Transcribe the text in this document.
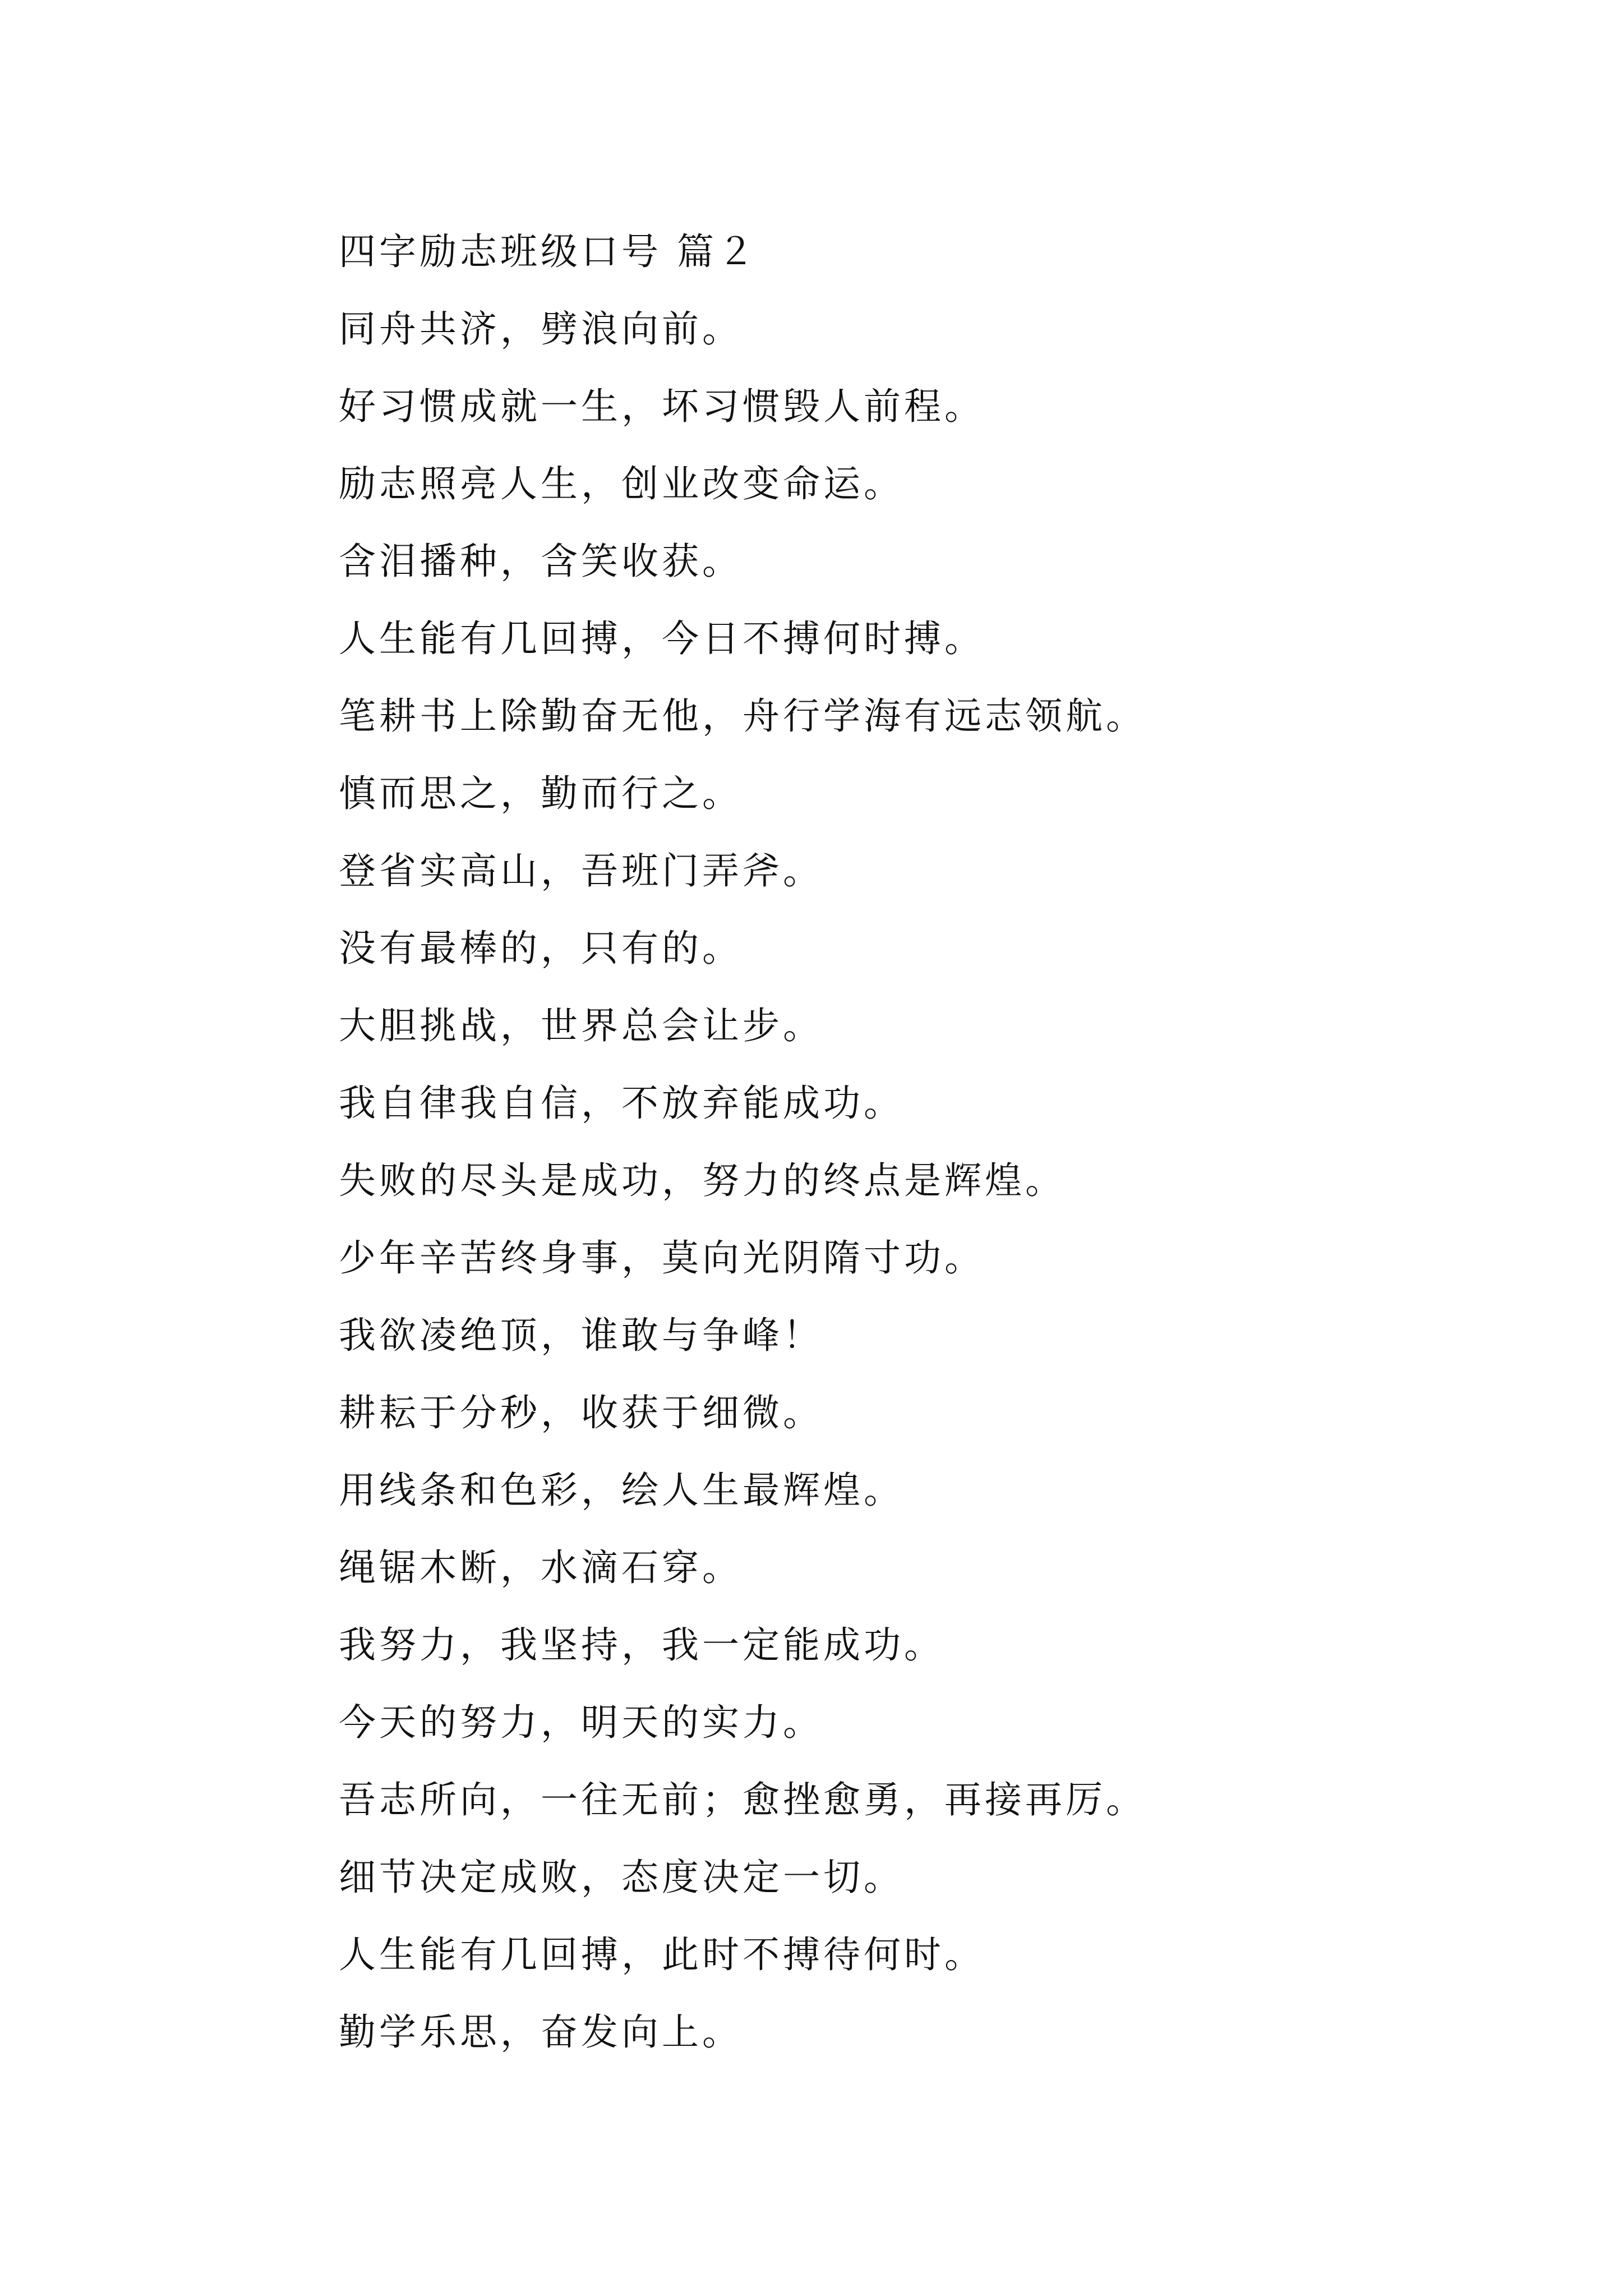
四字励志班级口号 篇２
同舟共济，劈浪向前。
好习惯成就一生，坏习惯毁人前程。
励志照亮人生，创业改变命运。
含泪播种，含笑收获。
人生能有几回搏，今日不搏何时搏。
笔耕书上除勤奋无他，舟行学海有远志领航。
慎而思之，勤而行之。
登省实高山，吾班门弄斧。
没有最棒的，只有的。
大胆挑战，世界总会让步。
我自律我自信，不放弃能成功。
失败的尽头是成功，努力的终点是辉煌。
少年辛苦终身事，莫向光阴隋寸功。
我欲凌绝顶，谁敢与争峰！
耕耘于分秒，收获于细微。
用线条和色彩，绘人生最辉煌。
绳锯木断，水滴石穿。
我努力，我坚持，我一定能成功。
今天的努力，明天的实力。
吾志所向，一往无前；愈挫愈勇，再接再厉。
细节决定成败，态度决定一切。
人生能有几回搏，此时不搏待何时。
勤学乐思，奋发向上。
